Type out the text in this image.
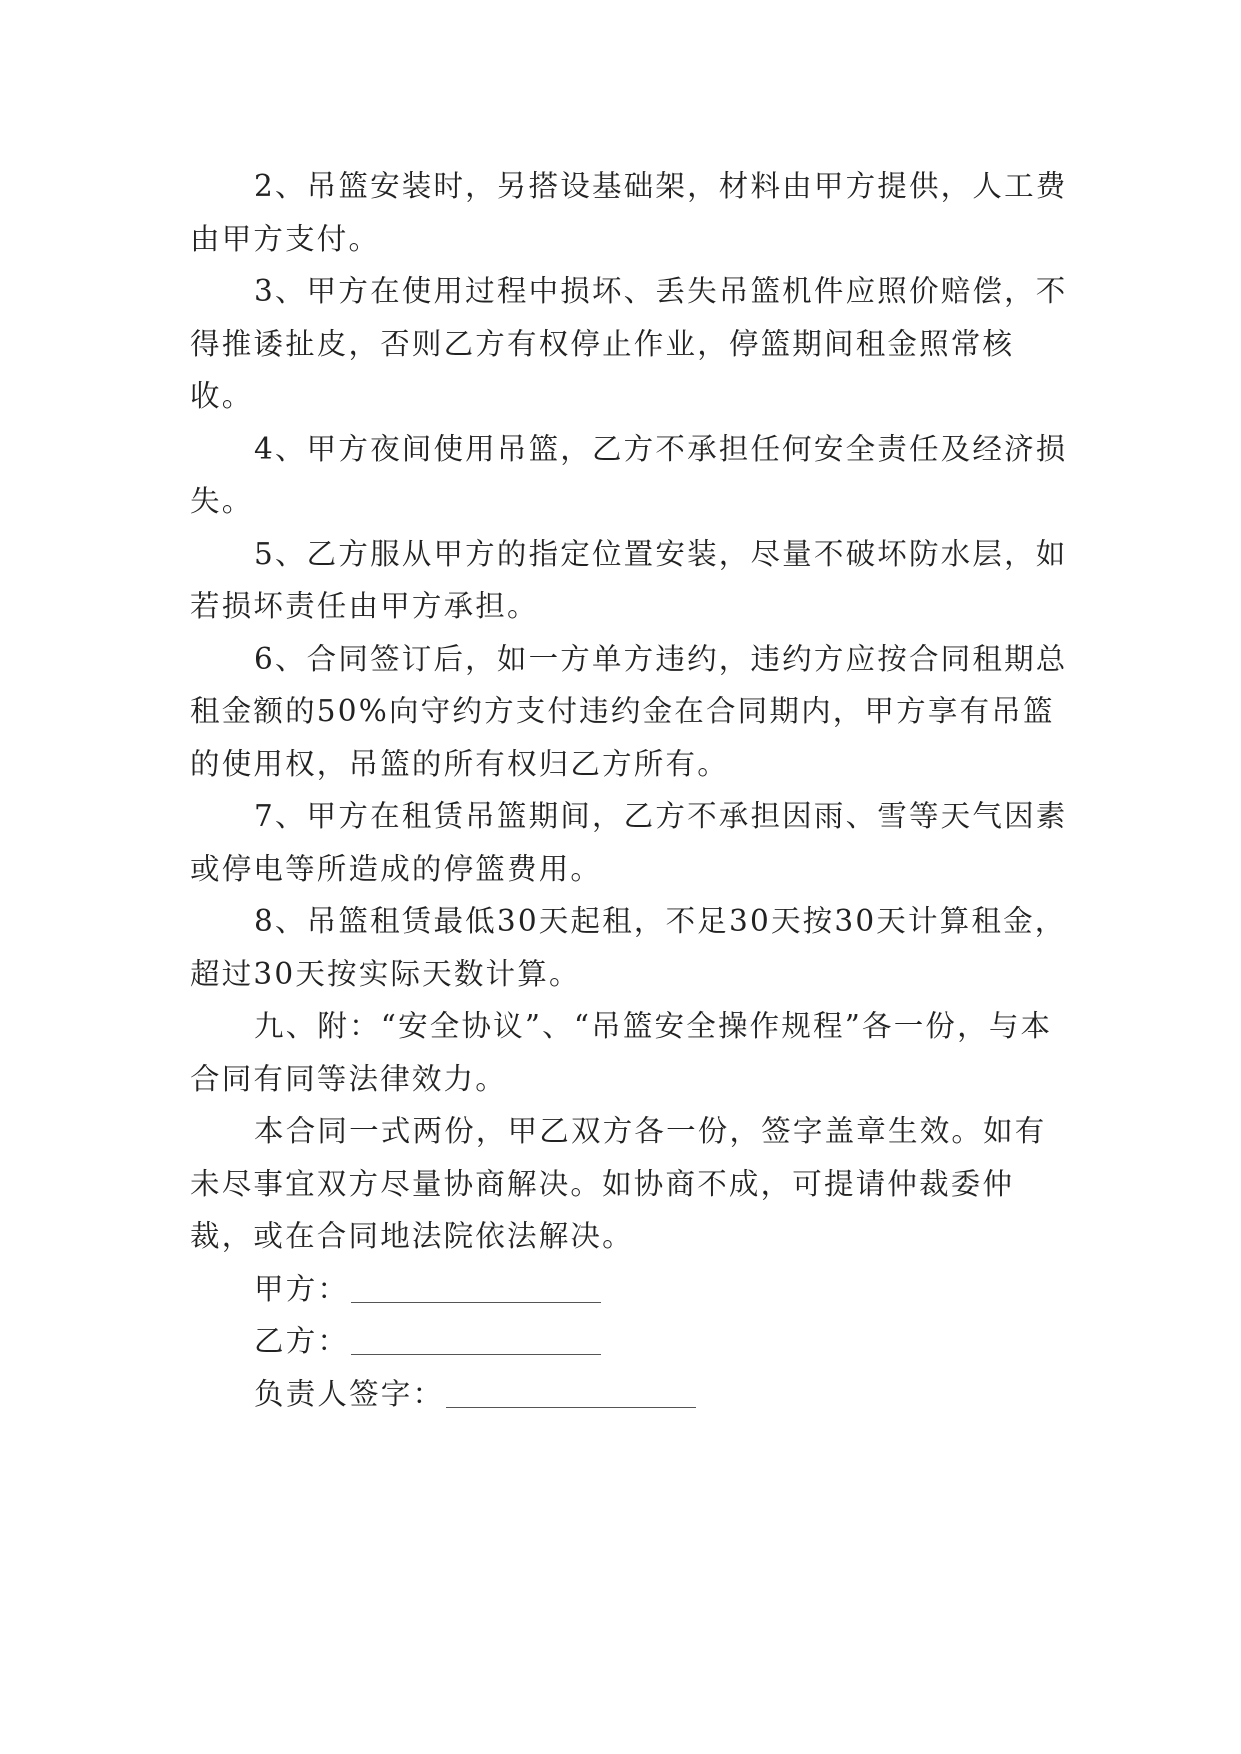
2、吊篮安装时，另搭设基础架，材料由甲方提供，人工费由甲方支付。

3、甲方在使用过程中损坏、丢失吊篮机件应照价赔偿，不得推诿扯皮，否则乙方有权停止作业，停篮期间租金照常核收。

4、甲方夜间使用吊篮，乙方不承担任何安全责任及经济损失。

5、乙方服从甲方的指定位置安装，尽量不破坏防水层，如若损坏责任由甲方承担。

6、合同签订后，如一方单方违约，违约方应按合同租期总租金额的50%向守约方支付违约金在合同期内，甲方享有吊篮的使用权，吊篮的所有权归乙方所有。

7、甲方在租赁吊篮期间，乙方不承担因雨、雪等天气因素或停电等所造成的停篮费用。

8、吊篮租赁最低30天起租，不足30天按30天计算租金，超过30天按实际天数计算。

九、附：“安全协议”、“吊篮安全操作规程”各一份，与本合同有同等法律效力。

本合同一式两份，甲乙双方各一份，签字盖章生效。如有未尽事宜双方尽量协商解决。如协商不成，可提请仲裁委仲裁，或在合同地法院依法解决。

甲方：
乙方：
负责人签字：
